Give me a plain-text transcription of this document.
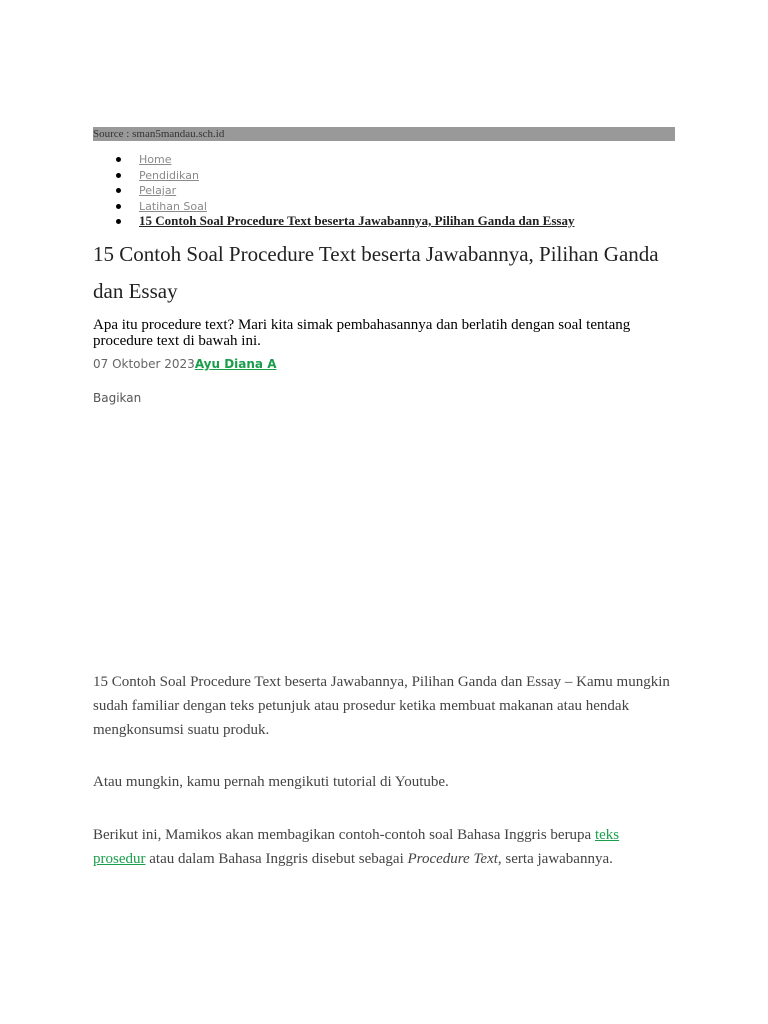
Source : sman5mandau.sch.id
Home
Pendidikan
Pelajar
Latihan Soal
15 Contoh Soal Procedure Text beserta Jawabannya, Pilihan Ganda dan Essay
15 Contoh Soal Procedure Text beserta Jawabannya, Pilihan Ganda dan Essay

Apa itu procedure text? Mari kita simak pembahasannya dan berlatih dengan soal tentang procedure text di bawah ini.

07 Oktober 2023Ayu Diana A
Bagikan

15 Contoh Soal Procedure Text beserta Jawabannya, Pilihan Ganda dan Essay – Kamu mungkin sudah familiar dengan teks petunjuk atau prosedur ketika membuat makanan atau hendak mengkonsumsi suatu produk.

Atau mungkin, kamu pernah mengikuti tutorial di Youtube.

Berikut ini, Mamikos akan membagikan contoh-contoh soal Bahasa Inggris berupa teks prosedur atau dalam Bahasa Inggris disebut sebagai Procedure Text, serta jawabannya.
